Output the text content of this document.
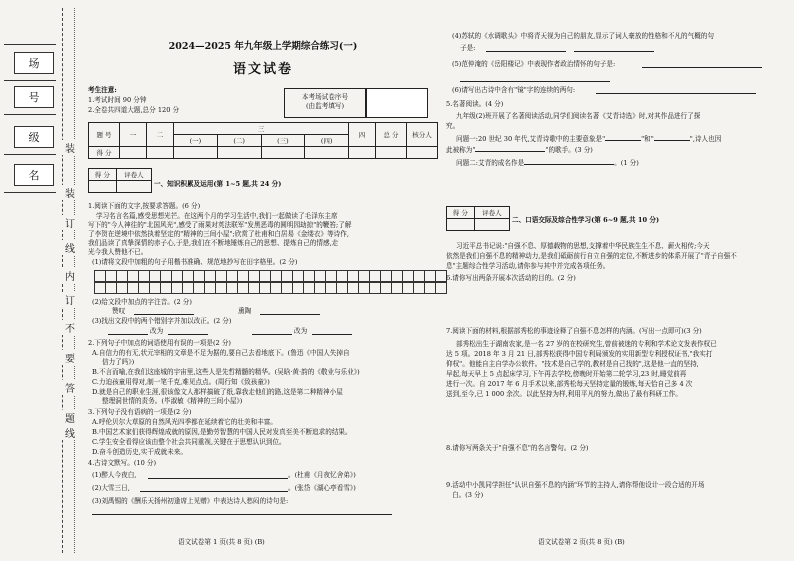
场
号
级
名
装
装
订
线
内
订
不
要
答
题
线
2024—2025 年九年级上学期综合练习(一)
语文试卷
考生注意:
1.考试时间 90 分钟
2.全卷共四道大题,总分 120 分
本考场试卷序号
(由监考填写)
题 号	一	二	三				四	总 分	核分人
			(一)	(二)	(三)	(四)			
得 分									
得 分	评卷人

一、知识积累及运用(第 1~5 题,共 24 分)
1.阅读下面的文字,按要求答题。(6 分)
学习名言名篇,感受思想光芒。在这两个月的学习生活中,我们一起做读了毛泽东主席
写下的"今人神往的"北国风光",感受了雨果对英法联军"发黑恶毒的圆明园劫掠"的鞭笞;了解
了李贺在逆境中依然执着坚定的"精神的三间小屋";欣赏了杜甫和白居易《金缕衣》等诗作,
我们品读了真挚深情的赤子心,于是,我们在不断地锤炼自己的思想、提炼自己的情感,走
光今我人赞他不已。
(1)请将文段中加粗的句子用楷书准确、规范地抄写在田字格里。(2 分)
(2)给文段中加点的字注音。(2 分)
赞叹	熏陶
(3)找出文段中的两个错别字并加以改正。(2 分)
改为	改为
2.下列句子中加点的词语使用有误的一项是(2 分)
A.自信力的有无,状元宰相的文章是不足为据的,要自己去看地底下。(鲁迅《中国人失掉自
信力了吗》)
B.不言而喻,在我们这座城的宇宙里,这些人是先哲精髓的精华。(吴晗·黄·韵的《敬业与乐业》)
C.力迫孩童用得对,制一笔千克,难见点点。(周行知《致孩童》)
D.就是自己的职业生涯,很该像文人那样搞破了纸,靠我走他们的路,这是第二种精神小屋
整理洞世情的责务。(毕淑敏《精神的三间小屋》)
3.下列句子没有语病的一项是(2 分)
A.呼伦贝尔大草原的自然风光四季都在延续着它的壮美和丰富。
B.中国艺术家们获得辉煌成就的原因,是勤劳智慧的中国人民对发真至美不断追求的结果。
C.学生安全看得应该由整个社会共同重视,关键在于思想认识到位。
D.奋斗创造历史,实干成就未来。
4.古诗文默写。(10 分)
(1)醉人今夜白,	。(杜甫《月夜忆舍弟》)
(2)大雪三日,	。(张岱《湖心亭看雪》)
(3)刘禹锡的《酬乐天扬州初逢席上见赠》中表达诗人愁闷的诗句是:
语文试卷第 1 页(共 8 页) (B)
(4)苏轼的《水调歌头》中将青天视为自己的朋友,显示了词人豪放的性格和不凡的气概的句
子是:
(5)范仲淹的《岳阳楼记》中表现作者政治情怀的句子是:
(6)请写出古诗中含有"镜"字的连续的两句:
5.名著阅读。(4 分)
九年级(2)班开展了名著阅读活动,同学们阅读名著《艾青诗选》时,对其作品进行了探
究。
问题一:20 世纪 30 年代,艾青诗歌中的主要意象是"	"和"	",诗人也因
此被称为"	"的歌手。(3 分)
问题二:艾青的成名作是	。(1 分)
得 分	评卷人

二、口语交际及综合性学习(第 6~9 题,共 10 分)
习近平总书记说:"自强不息、厚德载物的思想,支撑着中华民族生生不息、薪火相传;今天
依然是我们自强不息的精神动力,是我们砥砺前行自立自强的定位,不断进步的体系开展了"青子自强不
息"主题综合性学习活动,请你参与其中并完成各项任务。
6.请你写出两条开展本次活动的目的。(2 分)
7.阅读下面的材料,根据部秀松的事迹诠释了自强不息怎样的内涵。(写出一点即可)(3 分)
部秀松出生于湖南农家,是一名 27 岁的在校研究生,曾前被迷的专利和学术论文发表作权已
达 5 项。2018 年 3 月 21 日,部秀松获得中国专利局颁发的实用新型专利授权证书,"我实打
仰权"。他能自主自学办公软件。"技术是自己学的,教材是自己找的",这是他一直的坚持,
早起,每天早上 5 点起床学习,下午再去学校,傍晚时开始第二轮学习,23 时,睡觉前再
进行一次。自 2017 年 6 月手术以来,部秀松每天坚持定量的锻炼,每天恰自己多 4 次
送到,至今,已 1 000 余次。以此坚持为样,利用平凡的努力,做出了最有科研工作。
8.请你写两条关于"自强不息"的名言警句。(2 分)
9.活动中小凯同学担任"认识自强不息的内涵"环节的主持人,请你帮他设计一段合适的开场
白。(3 分)
语文试卷第 2 页(共 8 页) (B)
